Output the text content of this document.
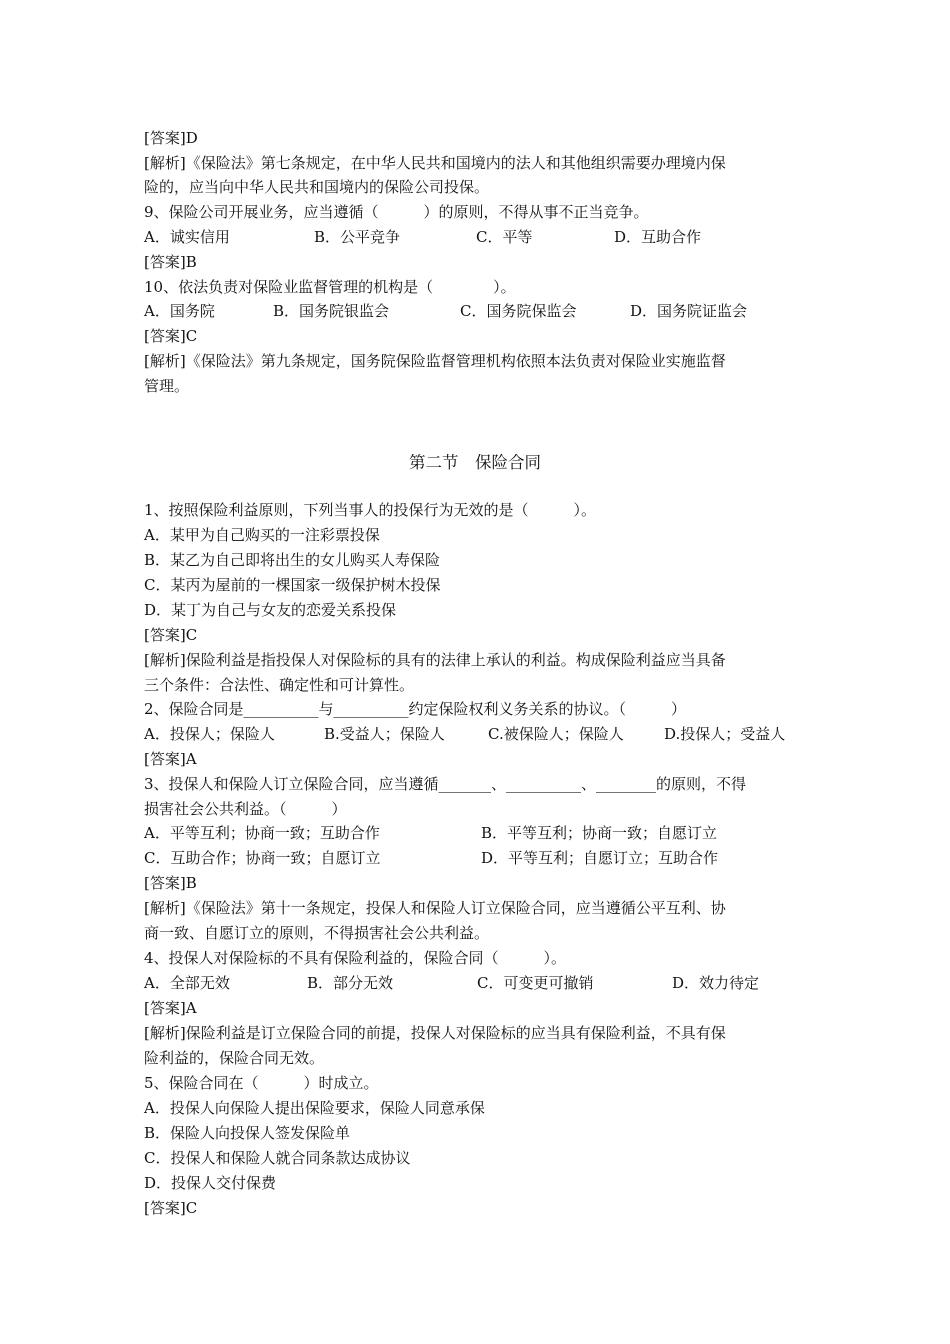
[答案]D
[解析]《保险法》第七条规定，在中华人民共和国境内的法人和其他组织需要办理境内保
险的，应当向中华人民共和国境内的保险公司投保。
9、保险公司开展业务，应当遵循（　　　）的原则，不得从事不正当竞争。
A．诚实信用	B．公平竞争	C．平等	D．互助合作
[答案]B
10、依法负责对保险业监督管理的机构是（　　　　）。
A．国务院	B．国务院银监会	C．国务院保监会	D．国务院证监会
[答案]C
[解析]《保险法》第九条规定，国务院保险监督管理机构依照本法负责对保险业实施监督
管理。
第二节　保险合同
1、按照保险利益原则，下列当事人的投保行为无效的是（　　　）。
A．某甲为自己购买的一注彩票投保
B．某乙为自己即将出生的女儿购买人寿保险
C．某丙为屋前的一棵国家一级保护树木投保
D．某丁为自己与女友的恋爱关系投保
[答案]C
[解析]保险利益是指投保人对保险标的具有的法律上承认的利益。构成保险利益应当具备
三个条件：合法性、确定性和可计算性。
2、保险合同是__________与__________约定保险权利义务关系的协议。（　　　）
A．投保人；保险人	B.受益人；保险人	C.被保险人；保险人	D.投保人；受益人
[答案]A
3、投保人和保险人订立保险合同，应当遵循_______、__________、________的原则，不得
损害社会公共利益。（　　　）
A．平等互利；协商一致；互助合作	B．平等互利；协商一致；自愿订立
C．互助合作；协商一致；自愿订立	D．平等互利；自愿订立；互助合作
[答案]B
[解析]《保险法》第十一条规定，投保人和保险人订立保险合同，应当遵循公平互利、协
商一致、自愿订立的原则，不得损害社会公共利益。
4、投保人对保险标的不具有保险利益的，保险合同（　　　）。
A．全部无效	B．部分无效	C．可变更可撤销	D．效力待定
[答案]A
[解析]保险利益是订立保险合同的前提，投保人对保险标的应当具有保险利益，不具有保
险利益的，保险合同无效。
5、保险合同在（　　　）时成立。
A．投保人向保险人提出保险要求，保险人同意承保
B．保险人向投保人签发保险单
C．投保人和保险人就合同条款达成协议
D．投保人交付保费
[答案]C
